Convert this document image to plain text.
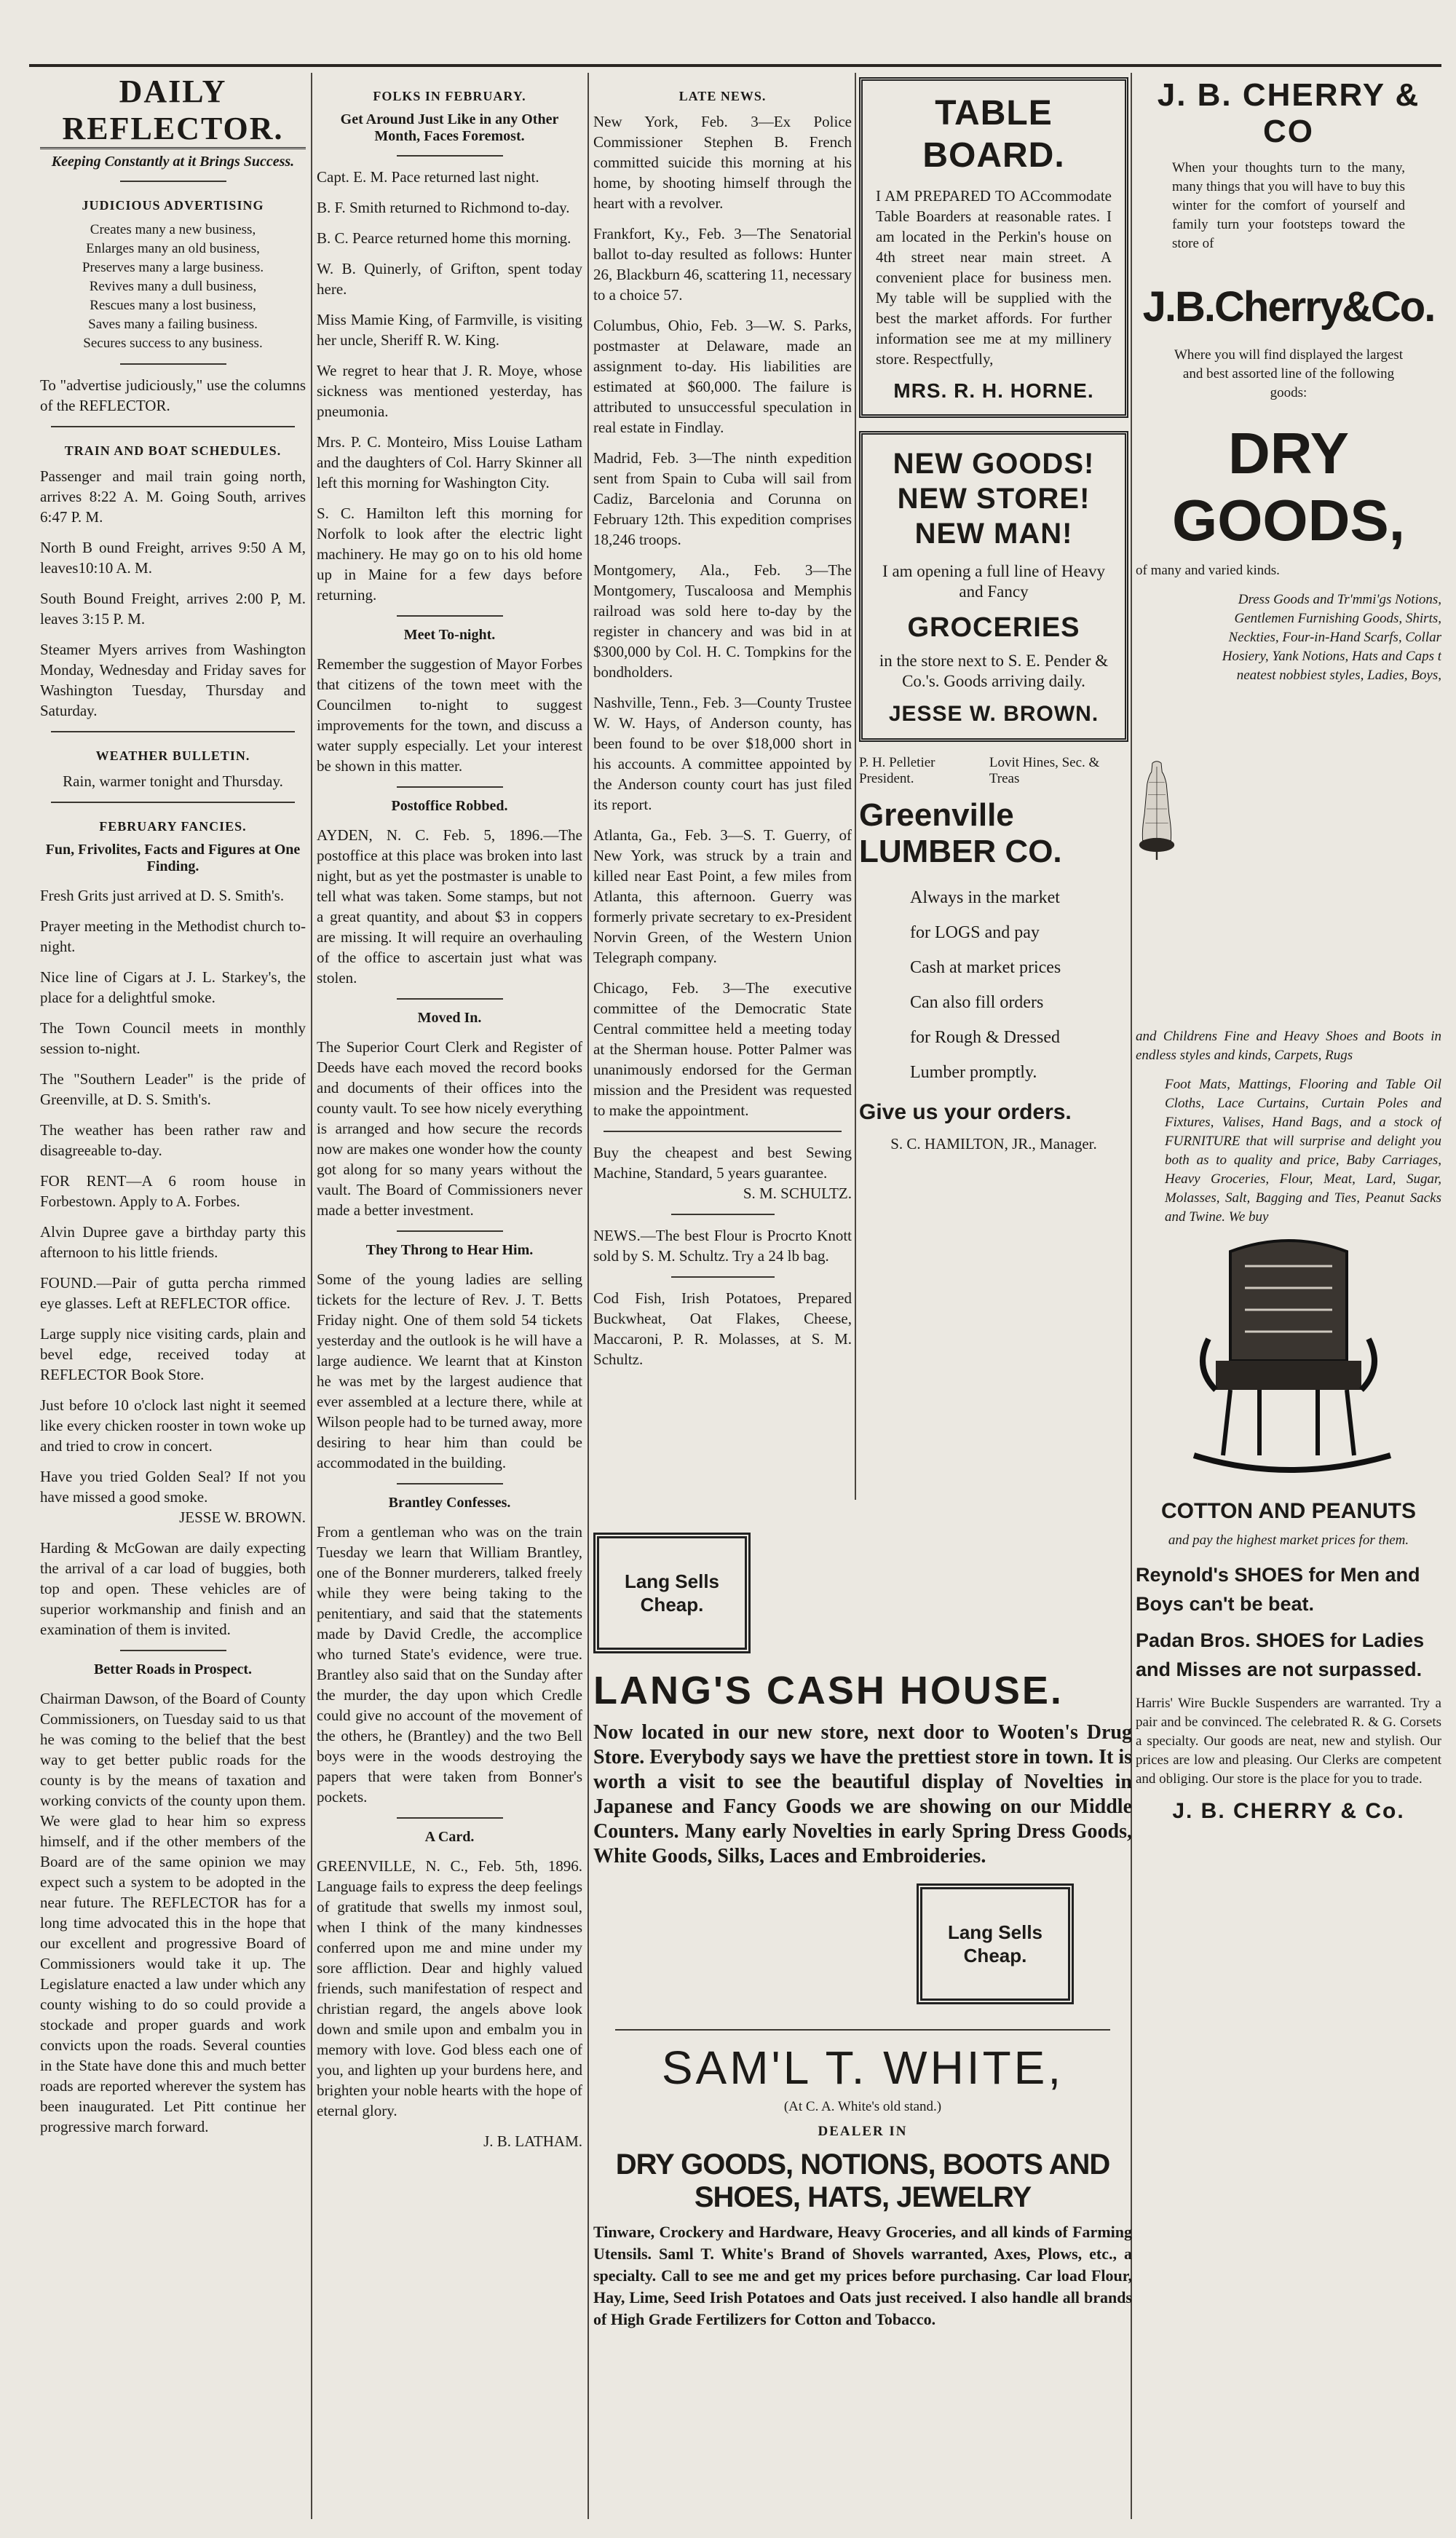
DAILY REFLECTOR.
Keeping Constantly at it Brings Success.
JUDICIOUS ADVERTISING
Creates many a new business,
Enlarges many an old business,
Preserves many a large business.
Revives many a dull business,
Rescues many a lost business,
Saves many a failing business.
Secures success to any business.

To "advertise judiciously," use the columns of the REFLECTOR.

TRAIN AND BOAT SCHEDULES.

Passenger and mail train going north, arrives 8:22 A. M. Going South, arrives 6:47 P. M.

North B ound Freight, arrives 9:50 A M, leaves10:10 A. M.

South Bound Freight, arrives 2:00 P, M. leaves 3:15 P. M.

Steamer Myers arrives from Washington Monday, Wednesday and Friday saves for Washington Tuesday, Thursday and Saturday.

WEATHER BULLETIN.

Rain, warmer tonight and Thursday.

FEBRUARY FANCIES.
Fun, Frivolites, Facts and Figures at One Finding.

Fresh Grits just arrived at D. S. Smith's.

Prayer meeting in the Methodist church to-night.

Nice line of Cigars at J. L. Starkey's, the place for a delightful smoke.

The Town Council meets in monthly session to-night.

The "Southern Leader" is the pride of Greenville, at D. S. Smith's.

The weather has been rather raw and disagreeable to-day.

FOR RENT—A 6 room house in Forbestown. Apply to A. Forbes.

Alvin Dupree gave a birthday party this afternoon to his little friends.

FOUND.—Pair of gutta percha rimmed eye glasses. Left at REFLECTOR office.

Large supply nice visiting cards, plain and bevel edge, received today at REFLECTOR Book Store.

Just before 10 o'clock last night it seemed like every chicken rooster in town woke up and tried to crow in concert.

Have you tried Golden Seal? If not you have missed a good smoke.

JESSE W. BROWN.

Harding & McGowan are daily expecting the arrival of a car load of buggies, both top and open. These vehicles are of superior workmanship and finish and an examination of them is invited.

Better Roads in Prospect.

Chairman Dawson, of the Board of County Commissioners, on Tuesday said to us that he was coming to the belief that the best way to get better public roads for the county is by the means of taxation and working convicts of the county upon them. We were glad to hear him so express himself, and if the other members of the Board are of the same opinion we may expect such a system to be adopted in the near future. The REFLECTOR has for a long time advocated this in the hope that our excellent and progressive Board of Commissioners would take it up. The Legislature enacted a law under which any county wishing to do so could provide a stockade and proper guards and work convicts upon the roads. Several counties in the State have done this and much better roads are reported wherever the system has been inaugurated. Let Pitt continue her progressive march forward.

FOLKS IN FEBRUARY.
Get Around Just Like in any Other Month, Faces Foremost.

Capt. E. M. Pace returned last night.

B. F. Smith returned to Richmond to-day.

B. C. Pearce returned home this morning.

W. B. Quinerly, of Grifton, spent today here.

Miss Mamie King, of Farmville, is visiting her uncle, Sheriff R. W. King.

We regret to hear that J. R. Moye, whose sickness was mentioned yesterday, has pneumonia.

Mrs. P. C. Monteiro, Miss Louise Latham and the daughters of Col. Harry Skinner all left this morning for Washington City.

S. C. Hamilton left this morning for Norfolk to look after the electric light machinery. He may go on to his old home up in Maine for a few days before returning.

Meet To-night.

Remember the suggestion of Mayor Forbes that citizens of the town meet with the Councilmen to-night to suggest improvements for the town, and discuss a water supply especially. Let your interest be shown in this matter.

Postoffice Robbed.

AYDEN, N. C. Feb. 5, 1896.—The postoffice at this place was broken into last night, but as yet the postmaster is unable to tell what was taken. Some stamps, but not a great quantity, and about $3 in coppers are missing. It will require an overhauling of the office to ascertain just what was stolen.

Moved In.

The Superior Court Clerk and Register of Deeds have each moved the record books and documents of their offices into the county vault. To see how nicely everything is arranged and how secure the records now are makes one wonder how the county got along for so many years without the vault. The Board of Commissioners never made a better investment.

They Throng to Hear Him.

Some of the young ladies are selling tickets for the lecture of Rev. J. T. Betts Friday night. One of them sold 54 tickets yesterday and the outlook is he will have a large audience. We learnt that at Kinston he was met by the largest audience that ever assembled at a lecture there, while at Wilson people had to be turned away, more desiring to hear him than could be accommodated in the building.

Brantley Confesses.

From a gentleman who was on the train Tuesday we learn that William Brantley, one of the Bonner murderers, talked freely while they were being taking to the penitentiary, and said that the statements made by David Credle, the accomplice who turned State's evidence, were true. Brantley also said that on the Sunday after the murder, the day upon which Credle could give no account of the movement of the others, he (Brantley) and the two Bell boys were in the woods destroying the papers that were taken from Bonner's pockets.

A Card.

GREENVILLE, N. C., Feb. 5th, 1896. Language fails to express the deep feelings of gratitude that swells my inmost soul, when I think of the many kindnesses conferred upon me and mine under my sore affliction. Dear and highly valued friends, such manifestation of respect and christian regard, the angels above look down and smile upon and embalm you in memory with love. God bless each one of you, and lighten up your burdens here, and brighten your noble hearts with the hope of eternal glory.

J. B. LATHAM.

LATE NEWS.

New York, Feb. 3—Ex Police Commissioner Stephen B. French committed suicide this morning at his home, by shooting himself through the heart with a revolver.

Frankfort, Ky., Feb. 3—The Senatorial ballot to-day resulted as follows: Hunter 26, Blackburn 46, scattering 11, necessary to a choice 57.

Columbus, Ohio, Feb. 3—W. S. Parks, postmaster at Delaware, made an assignment to-day. His liabilities are estimated at $60,000. The failure is attributed to unsuccessful speculation in real estate in Findlay.

Madrid, Feb. 3—The ninth expedition sent from Spain to Cuba will sail from Cadiz, Barcelonia and Corunna on February 12th. This expedition comprises 18,246 troops.

Montgomery, Ala., Feb. 3—The Montgomery, Tuscaloosa and Memphis railroad was sold here to-day by the register in chancery and was bid in at $300,000 by Col. H. C. Tompkins for the bondholders.

Nashville, Tenn., Feb. 3—County Trustee W. W. Hays, of Anderson county, has been found to be over $18,000 short in his accounts. A committee appointed by the Anderson county court has just filed its report.

Atlanta, Ga., Feb. 3—S. T. Guerry, of New York, was struck by a train and killed near East Point, a few miles from Atlanta, this afternoon. Guerry was formerly private secretary to ex-President Norvin Green, of the Western Union Telegraph company.

Chicago, Feb. 3—The executive committee of the Democratic State Central committee held a meeting today at the Sherman house. Potter Palmer was unanimously endorsed for the German mission and the President was requested to make the appointment.

Buy the cheapest and best Sewing Machine, Standard, 5 years guarantee.

S. M. SCHULTZ.

NEWS.—The best Flour is Procrto Knott sold by S. M. Schultz. Try a 24 lb bag.

Cod Fish, Irish Potatoes, Prepared Buckwheat, Oat Flakes, Cheese, Maccaroni, P. R. Molasses, at S. M. Schultz.

TABLE BOARD.

I AM PREPARED TO ACcommodate Table Boarders at reasonable rates. I am located in the Perkin's house on 4th street near main street. A convenient place for business men. My table will be supplied with the best the market affords. For further information see me at my millinery store. Respectfully,

MRS. R. H. HORNE.
NEW GOODS! NEW STORE! NEW MAN!

I am opening a full line of Heavy and Fancy

GROCERIES

in the store next to S. E. Pender & Co.'s. Goods arriving daily.

JESSE W. BROWN.
P. H. Pelletier President.
Lovit Hines, Sec. & Treas
Greenville LUMBER CO.
Always in the market
for LOGS and pay
Cash at market prices
Can also fill orders
for Rough & Dressed
Lumber promptly.
Give us your orders.
S. C. HAMILTON, JR., Manager.
J. B. CHERRY & CO

When your thoughts turn to the many, many things that you will have to buy this winter for the comfort of yourself and family turn your footsteps toward the store of

J.B.Cherry&Co.

Where you will find displayed the largest and best assorted line of the following goods:

DRY GOODS,

of many and varied kinds.

Dress Goods and Tr'mmi'gs Notions, Gentlemen Furnishing Goods, Shirts, Neckties, Four-in-Hand Scarfs, Collar Hosiery, Yank Notions, Hats and Caps t neatest nobbiest styles, Ladies, Boys,

and Childrens Fine and Heavy Shoes and Boots in endless styles and kinds, Carpets, Rugs

Foot Mats, Mattings, Flooring and Table Oil Cloths, Lace Curtains, Curtain Poles and Fixtures, Valises, Hand Bags, and a stock of FURNITURE that will surprise and delight you both as to quality and price, Baby Carriages, Heavy Groceries, Flour, Meat, Lard, Sugar, Molasses, Salt, Bagging and Ties, Peanut Sacks and Twine. We buy

COTTON AND PEANUTS

and pay the highest market prices for them.

Reynold's SHOES for Men and Boys can't be beat.
Padan Bros. SHOES for Ladies and Misses are not surpassed.

Harris' Wire Buckle Suspenders are warranted. Try a pair and be convinced. The celebrated R. & G. Corsets a specialty. Our goods are neat, new and stylish. Our prices are low and pleasing. Our Clerks are competent and obliging. Our store is the place for you to trade.

J. B. CHERRY & Co.
Lang Sells Cheap.
LANG'S CASH HOUSE.
Now located in our new store, next door to Wooten's Drug Store. Everybody says we have the prettiest store in town. It is worth a visit to see the beautiful display of Novelties in Japanese and Fancy Goods we are showing on our Middle Counters. Many early Novelties in early Spring Dress Goods, White Goods, Silks, Laces and Embroideries.
Lang Sells Cheap.
SAM'L T. WHITE,
(At C. A. White's old stand.)
DEALER IN
DRY GOODS, NOTIONS, BOOTS AND SHOES, HATS, JEWELRY

Tinware, Crockery and Hardware, Heavy Groceries, and all kinds of Farming Utensils. Saml T. White's Brand of Shovels warranted, Axes, Plows, etc., a specialty. Call to see me and get my prices before purchasing. Car load Flour, Hay, Lime, Seed Irish Potatoes and Oats just received. I also handle all brands of High Grade Fertilizers for Cotton and Tobacco.
